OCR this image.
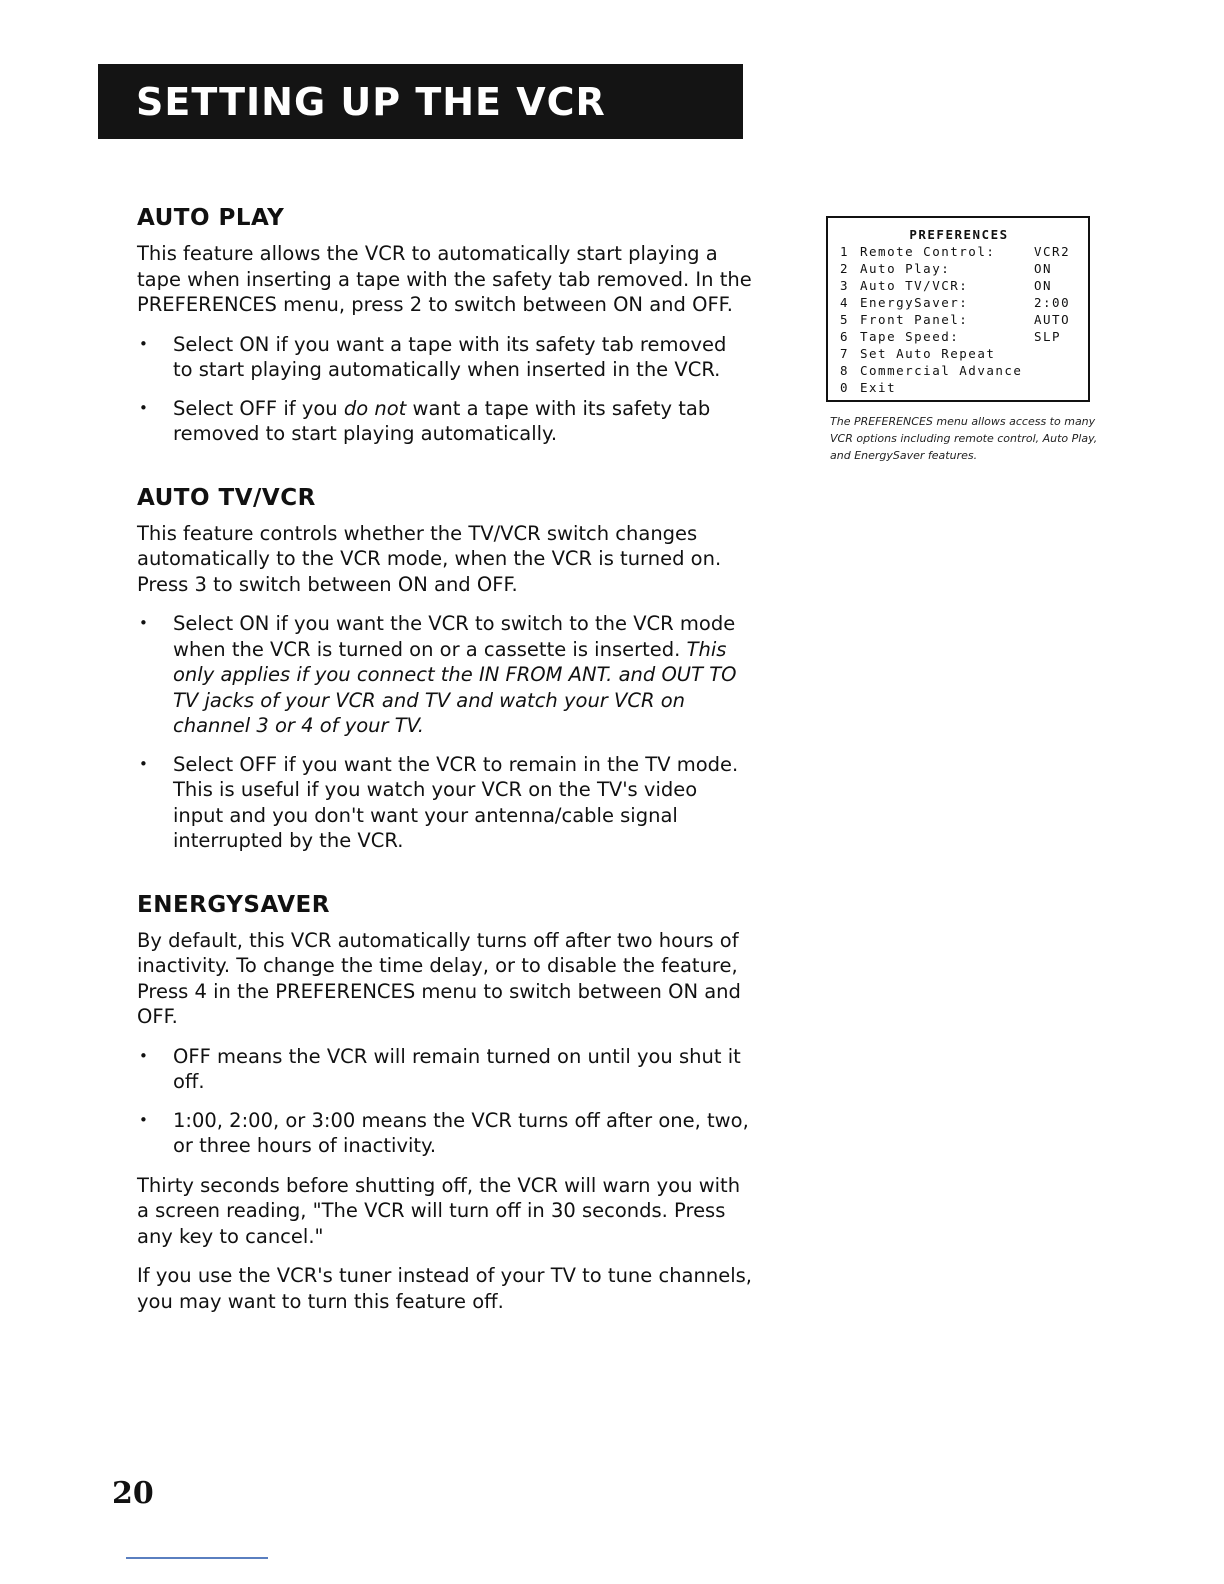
SETTING UP THE VCR
AUTO PLAY

This feature allows the VCR to automatically start playing a tape when inserting a tape with the safety tab removed. In the PREFERENCES menu, press 2 to switch between ON and OFF.

• Select ON if you want a tape with its safety tab removed to start playing automatically when inserted in the VCR.
• Select OFF if you do not want a tape with its safety tab removed to start playing automatically.
AUTO TV/VCR

This feature controls whether the TV/VCR switch changes automatically to the VCR mode, when the VCR is turned on. Press 3 to switch between ON and OFF.

• Select ON if you want the VCR to switch to the VCR mode when the VCR is turned on or a cassette is inserted. This only applies if you connect the IN FROM ANT. and OUT TO TV jacks of your VCR and TV and watch your VCR on channel 3 or 4 of your TV.
• Select OFF if you want the VCR to remain in the TV mode. This is useful if you watch your VCR on the TV's video input and you don't want your antenna/cable signal interrupted by the VCR.
ENERGYSAVER

By default, this VCR automatically turns off after two hours of inactivity. To change the time delay, or to disable the feature, Press 4 in the PREFERENCES menu to switch between ON and OFF.

• OFF means the VCR will remain turned on until you shut it off.
• 1:00, 2:00, or 3:00 means the VCR turns off after one, two, or three hours of inactivity.

Thirty seconds before shutting off, the VCR will warn you with a screen reading, "The VCR will turn off in 30 seconds. Press any key to cancel."

If you use the VCR's tuner instead of your TV to tune channels, you may want to turn this feature off.

PREFERENCES
1 Remote Control:	VCR2
2 Auto Play:	ON
3 Auto TV/VCR:	ON
4 EnergySaver:	2:00
5 Front Panel:	AUTO
6 Tape Speed:	SLP
7 Set Auto Repeat
8 Commercial Advance
0 Exit
The PREFERENCES menu allows access to many VCR options including remote control, Auto Play, and EnergySaver features.
20
